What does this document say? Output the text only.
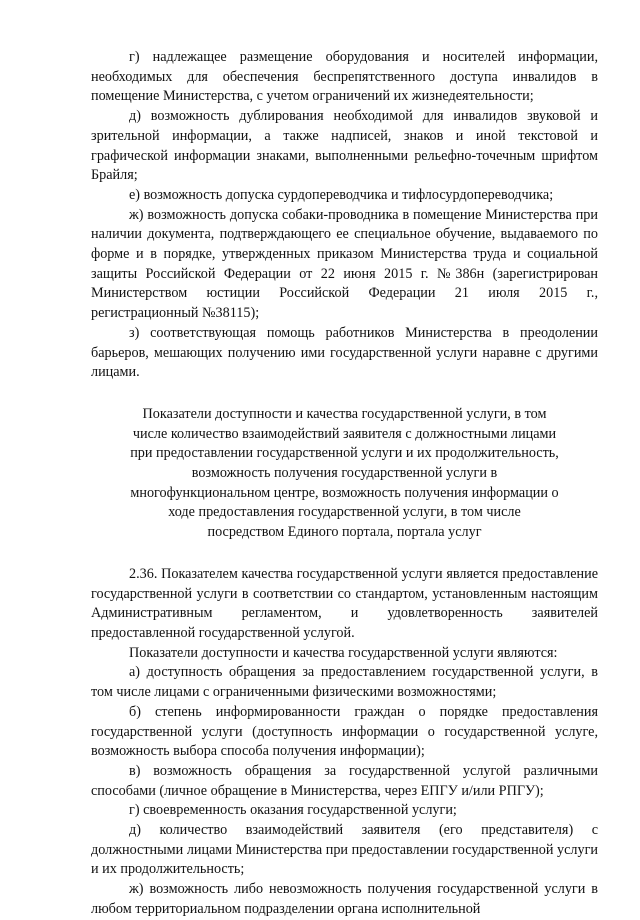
г) надлежащее размещение оборудования и носителей информации, необходимых для обеспечения беспрепятственного доступа инвалидов в помещение Министерства, с учетом ограничений их жизнедеятельности;

д) возможность дублирования необходимой для инвалидов звуковой и зрительной информации, а также надписей, знаков и иной текстовой и графической информации знаками, выполненными рельефно-точечным шрифтом Брайля;

е) возможность допуска сурдопереводчика и тифлосурдопереводчика;

ж) возможность допуска собаки-проводника в помещение Министерства при наличии документа, подтверждающего ее специальное обучение, выдаваемого по форме и в порядке, утвержденных приказом Министерства труда и социальной защиты Российской Федерации от 22 июня 2015 г. №386н (зарегистрирован Министерством юстиции Российской Федерации 21 июля 2015 г., регистрационный №38115);

з) соответствующая помощь работников Министерства в преодолении барьеров, мешающих получению ими государственной услуги наравне с другими лицами.

Показатели доступности и качества государственной услуги, в том числе количество взаимодействий заявителя с должностными лицами при предоставлении государственной услуги и их продолжительность, возможность получения государственной услуги в многофункциональном центре, возможность получения информации о ходе предоставления государственной услуги, в том числе посредством Единого портала, портала услуг

2.36. Показателем качества государственной услуги является предоставление государственной услуги в соответствии со стандартом, установленным настоящим Административным регламентом, и удовлетворенность заявителей предоставленной государственной услугой.

Показатели доступности и качества государственной услуги являются:

а) доступность обращения за предоставлением государственной услуги, в том числе лицами с ограниченными физическими возможностями;

б) степень информированности граждан о порядке предоставления государственной услуги (доступность информации о государственной услуге, возможность выбора способа получения информации);

в) возможность обращения за государственной услугой различными способами (личное обращение в Министерства, через ЕПГУ и/или РПГУ);

г) своевременность оказания государственной услуги;

д) количество взаимодействий заявителя (его представителя) с должностными лицами Министерства при предоставлении государственной услуги и их продолжительность;

ж) возможность либо невозможность получения государственной услуги в любом территориальном подразделении органа исполнительной
